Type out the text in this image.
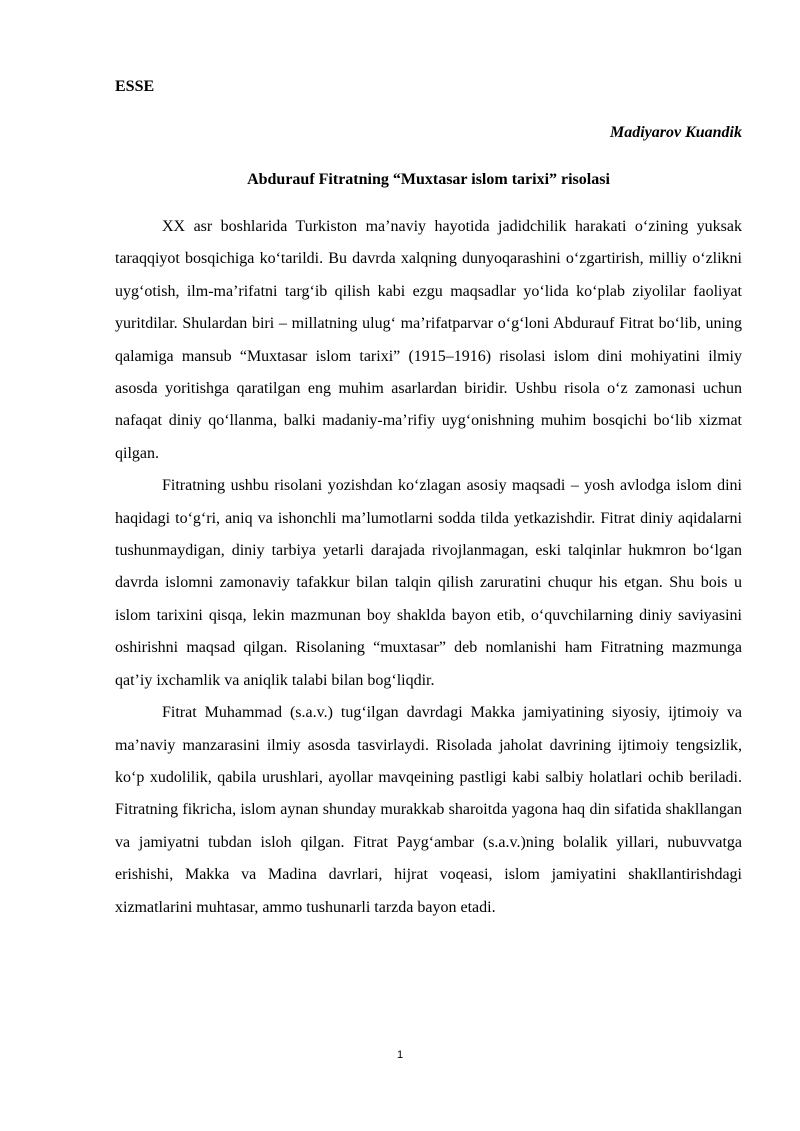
ESSE

Madiyarov Kuandik

Abdurauf Fitratning “Muxtasar islom tarixi” risolasi

XX asr boshlarida Turkiston ma’naviy hayotida jadidchilik harakati o‘zining yuksak taraqqiyot bosqichiga ko‘tarildi. Bu davrda xalqning dunyoqarashini o‘zgartirish, milliy o‘zlikni uyg‘otish, ilm-ma’rifatni targ‘ib qilish kabi ezgu maqsadlar yo‘lida ko‘plab ziyolilar faoliyat yuritdilar. Shulardan biri – millatning ulug‘ ma’rifatparvar o‘g‘loni Abdurauf Fitrat bo‘lib, uning qalamiga mansub “Muxtasar islom tarixi” (1915–1916) risolasi islom dini mohiyatini ilmiy asosda yoritishga qaratilgan eng muhim asarlardan biridir. Ushbu risola o‘z zamonasi uchun nafaqat diniy qo‘llanma, balki madaniy-ma’rifiy uyg‘onishning muhim bosqichi bo‘lib xizmat qilgan.

Fitratning ushbu risolani yozishdan ko‘zlagan asosiy maqsadi – yosh avlodga islom dini haqidagi to‘g‘ri, aniq va ishonchli ma’lumotlarni sodda tilda yetkazishdir. Fitrat diniy aqidalarni tushunmaydigan, diniy tarbiya yetarli darajada rivojlanmagan, eski talqinlar hukmron bo‘lgan davrda islomni zamonaviy tafakkur bilan talqin qilish zaruratini chuqur his etgan. Shu bois u islom tarixini qisqa, lekin mazmunan boy shaklda bayon etib, o‘quvchilarning diniy saviyasini oshirishni maqsad qilgan. Risolaning “muxtasar” deb nomlanishi ham Fitratning mazmunga qat’iy ixchamlik va aniqlik talabi bilan bog‘liqdir.

Fitrat Muhammad (s.a.v.) tug‘ilgan davrdagi Makka jamiyatining siyosiy, ijtimoiy va ma’naviy manzarasini ilmiy asosda tasvirlaydi. Risolada jaholat davrining ijtimoiy tengsizlik, ko‘p xudolilik, qabila urushlari, ayollar mavqeining pastligi kabi salbiy holatlari ochib beriladi. Fitratning fikricha, islom aynan shunday murakkab sharoitda yagona haq din sifatida shakllangan va jamiyatni tubdan isloh qilgan. Fitrat Payg‘ambar (s.a.v.)ning bolalik yillari, nubuvvatga erishishi, Makka va Madina davrlari, hijrat voqeasi, islom jamiyatini shakllantirishdagi xizmatlarini muhtasar, ammo tushunarli tarzda bayon etadi.

1
